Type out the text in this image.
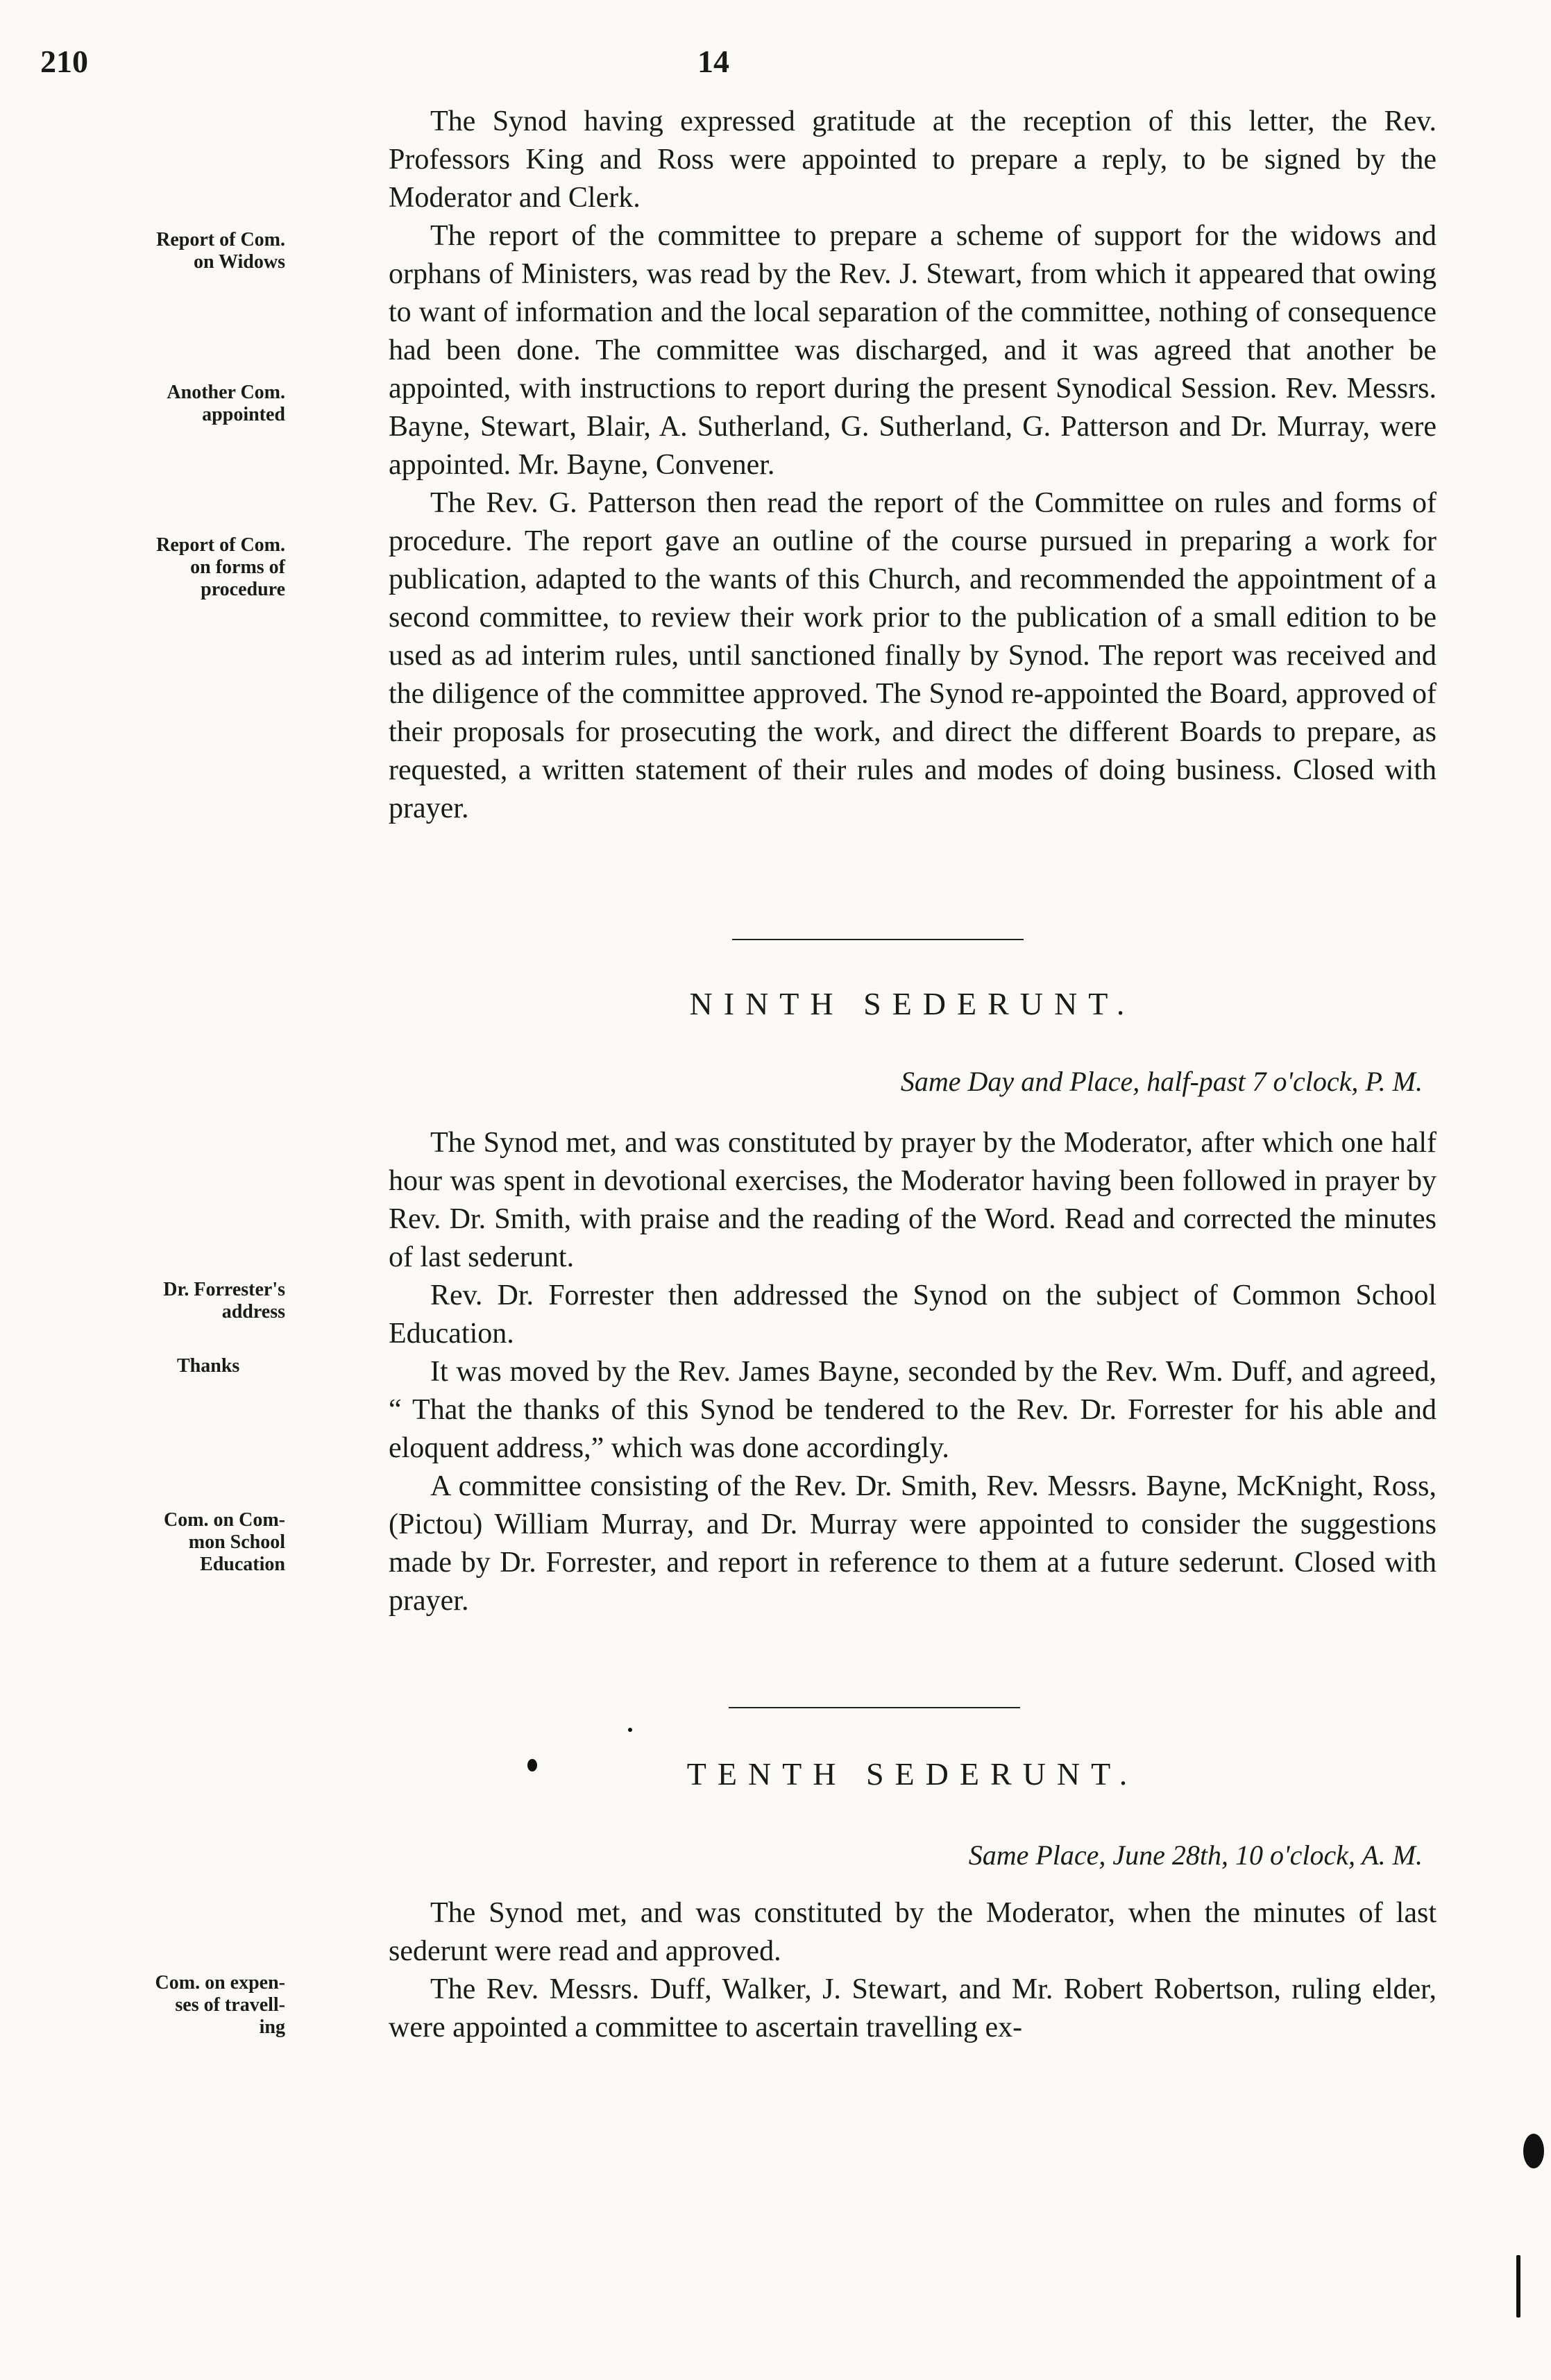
210	14

The Synod having expressed gratitude at the reception of this letter, the Rev. Professors King and Ross were appointed to prepare a reply, to be signed by the Moderator and Clerk.

The report of the committee to prepare a scheme of support for the widows and orphans of Ministers, was read by the Rev. J. Stewart, from which it appeared that owing to want of information and the local separation of the committee, nothing of consequence had been done. The committee was discharged, and it was agreed that another be appointed, with instructions to report during the present Synodical Session. Rev. Messrs. Bayne, Stewart, Blair, A. Sutherland, G. Sutherland, G. Patterson and Dr. Murray, were appointed. Mr. Bayne, Convener.

The Rev. G. Patterson then read the report of the Committee on rules and forms of procedure. The report gave an outline of the course pursued in preparing a work for publication, adapted to the wants of this Church, and recommended the appointment of a second committee, to review their work prior to the publication of a small edition to be used as ad interim rules, until sanctioned finally by Synod. The report was received and the diligence of the committee approved. The Synod re-appointed the Board, approved of their proposals for prosecuting the work, and direct the different Boards to prepare, as requested, a written statement of their rules and modes of doing business. Closed with prayer.

Report of Com.
on Widows
Another Com.
appointed
Report of Com.
on forms of
procedure
NINTH SEDERUNT.
Same Day and Place, half-past 7 o'clock, P. M.

The Synod met, and was constituted by prayer by the Moderator, after which one half hour was spent in devotional exercises, the Moderator having been followed in prayer by Rev. Dr. Smith, with praise and the reading of the Word. Read and corrected the minutes of last sederunt.

Rev. Dr. Forrester then addressed the Synod on the subject of Common School Education.

It was moved by the Rev. James Bayne, seconded by the Rev. Wm. Duff, and agreed, “ That the thanks of this Synod be tendered to the Rev. Dr. Forrester for his able and eloquent address,” which was done accordingly.

A committee consisting of the Rev. Dr. Smith, Rev. Messrs. Bayne, McKnight, Ross, (Pictou) William Murray, and Dr. Murray were appointed to consider the suggestions made by Dr. Forrester, and report in reference to them at a future sederunt. Closed with prayer.

Dr. Forrester's
address
Thanks
Com. on Com-
mon School
Education
TENTH SEDERUNT.
Same Place, June 28th, 10 o'clock, A. M.

The Synod met, and was constituted by the Moderator, when the minutes of last sederunt were read and approved.

The Rev. Messrs. Duff, Walker, J. Stewart, and Mr. Robert Robertson, ruling elder, were appointed a committee to ascertain travelling ex-

Com. on expen-
ses of travell-
ing
